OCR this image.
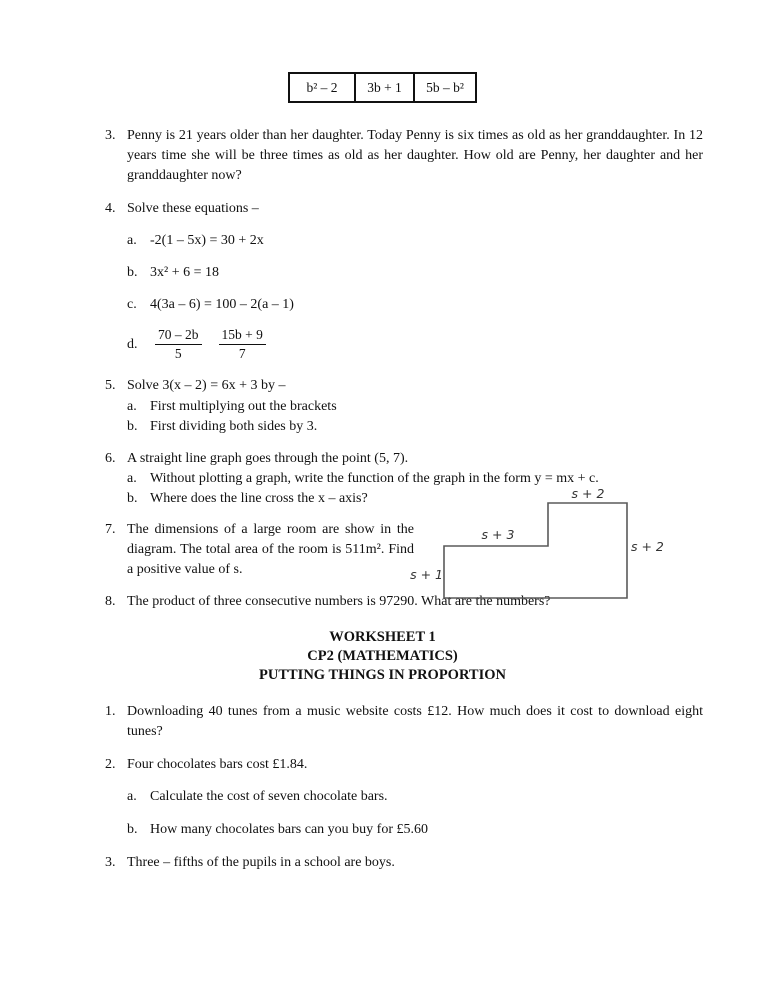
b² – 2	3b + 1	5b – b²
3. Penny is 21 years older than her daughter. Today Penny is six times as old as her granddaughter. In 12 years time she will be three times as old as her daughter. How old are Penny, her daughter and her granddaughter now?
4. Solve these equations –
a. -2(1 – 5x) = 30 + 2x
b. 3x² + 6 = 18
c. 4(3a – 6) = 100 – 2(a – 1)
d.	$\frac{70 - 2b}{5} \frac{15b + 9}{7}$
5. Solve 3(x – 2) = 6x + 3 by –
a. First multiplying out the brackets
b. First dividing both sides by 3.
6. A straight line graph goes through the point (5, 7).
a. Without plotting a graph, write the function of the graph in the form y = mx + c.
b. Where does the line cross the x – axis?
7. The dimensions of a large room are show in the diagram. The total area of the room is 511m². Find a positive value of s.
8. The product of three consecutive numbers is 97290. What are the numbers?
s + 2
s + 3
s + 2
s + 1
WORKSHEET 1
CP2 (MATHEMATICS)
PUTTING THINGS IN PROPORTION
1. Downloading 40 tunes from a music website costs £12. How much does it cost to download eight tunes?
2. Four chocolates bars cost £1.84.
a. Calculate the cost of seven chocolate bars.
b. How many chocolates bars can you buy for £5.60
3. Three – fifths of the pupils in a school are boys.
